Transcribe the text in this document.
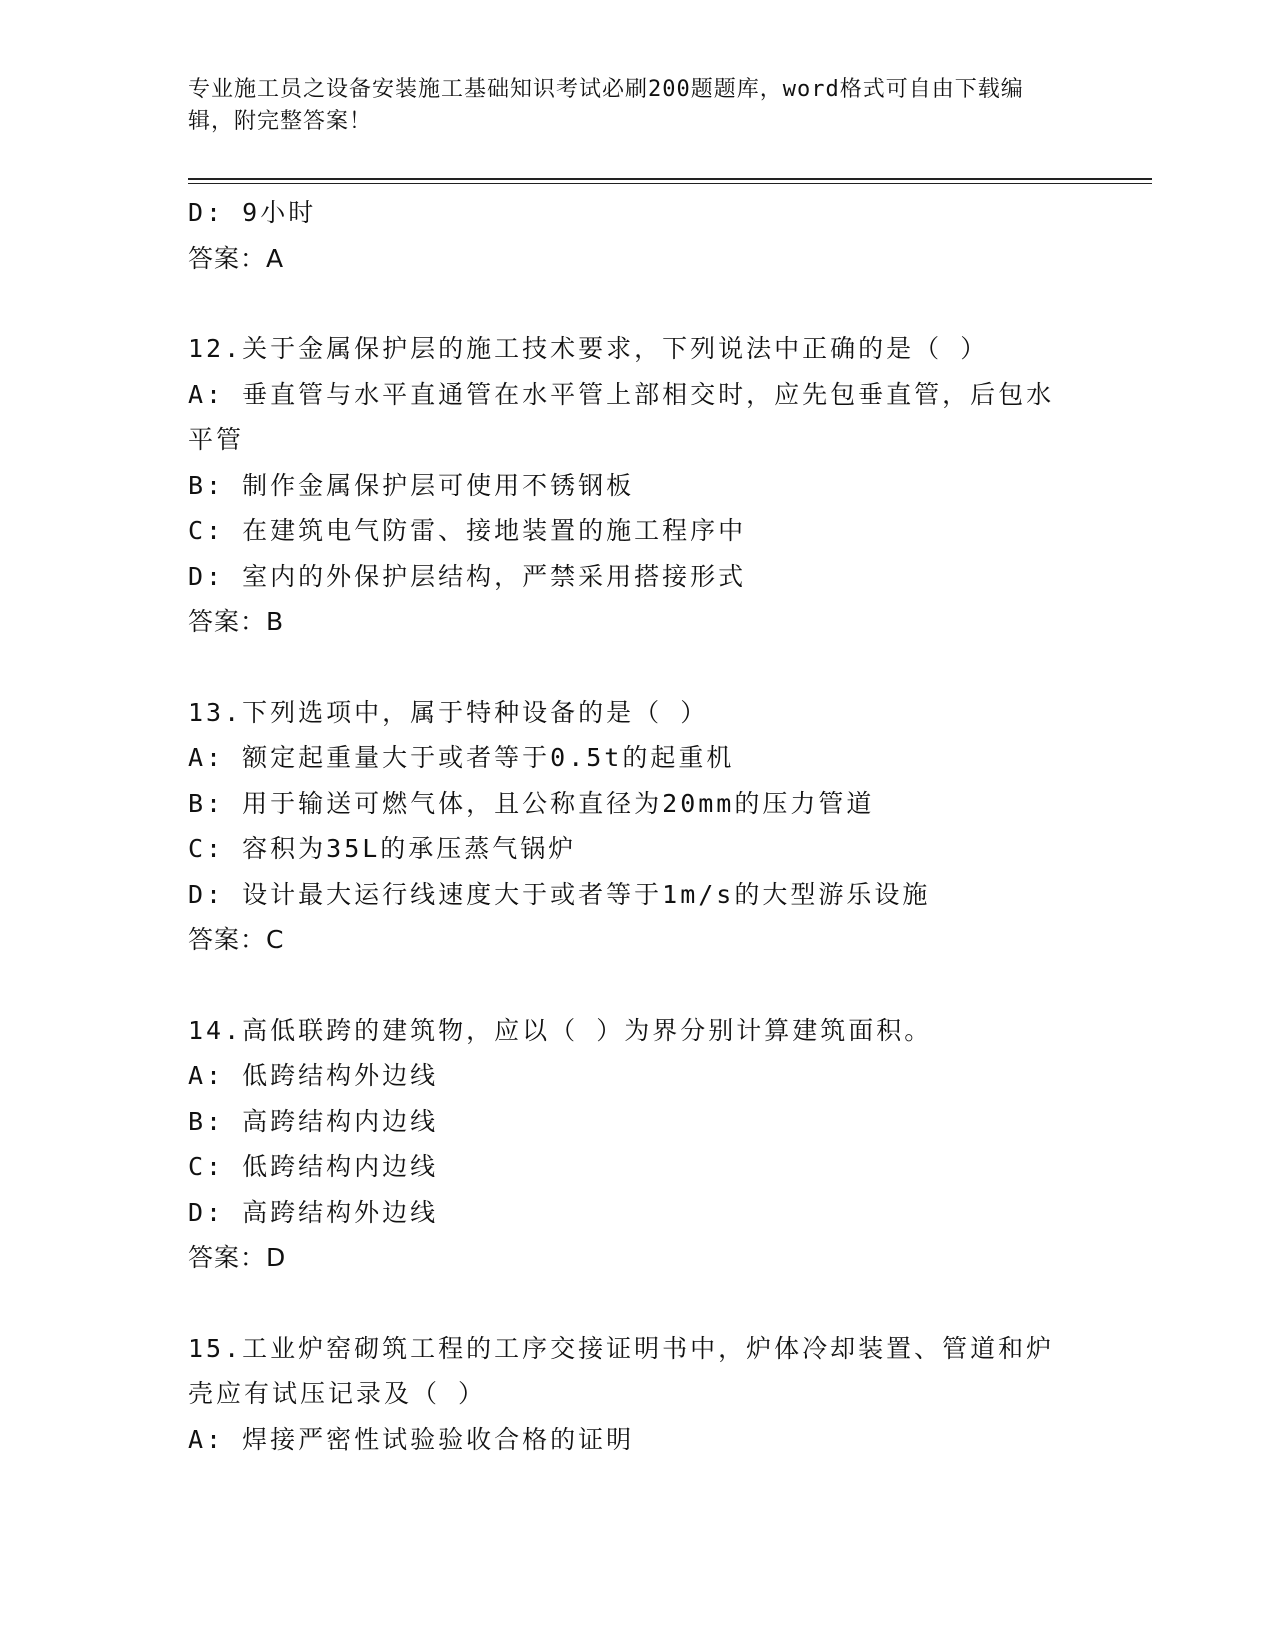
专业施工员之设备安装施工基础知识考试必刷200题题库，word格式可自由下载编辑，附完整答案！
D: 9小时
答案：A
12.关于金属保护层的施工技术要求，下列说法中正确的是（ ）
A: 垂直管与水平直通管在水平管上部相交时，应先包垂直管，后包水平管
B: 制作金属保护层可使用不锈钢板
C: 在建筑电气防雷、接地装置的施工程序中
D: 室内的外保护层结构，严禁采用搭接形式
答案：B
13.下列选项中，属于特种设备的是（ ）
A: 额定起重量大于或者等于0.5t的起重机
B: 用于输送可燃气体，且公称直径为20mm的压力管道
C: 容积为35L的承压蒸气锅炉
D: 设计最大运行线速度大于或者等于1m/s的大型游乐设施
答案：C
14.高低联跨的建筑物，应以（ ）为界分别计算建筑面积。
A: 低跨结构外边线
B: 高跨结构内边线
C: 低跨结构内边线
D: 高跨结构外边线
答案：D
15.工业炉窑砌筑工程的工序交接证明书中，炉体冷却装置、管道和炉壳应有试压记录及（ ）
A: 焊接严密性试验验收合格的证明
